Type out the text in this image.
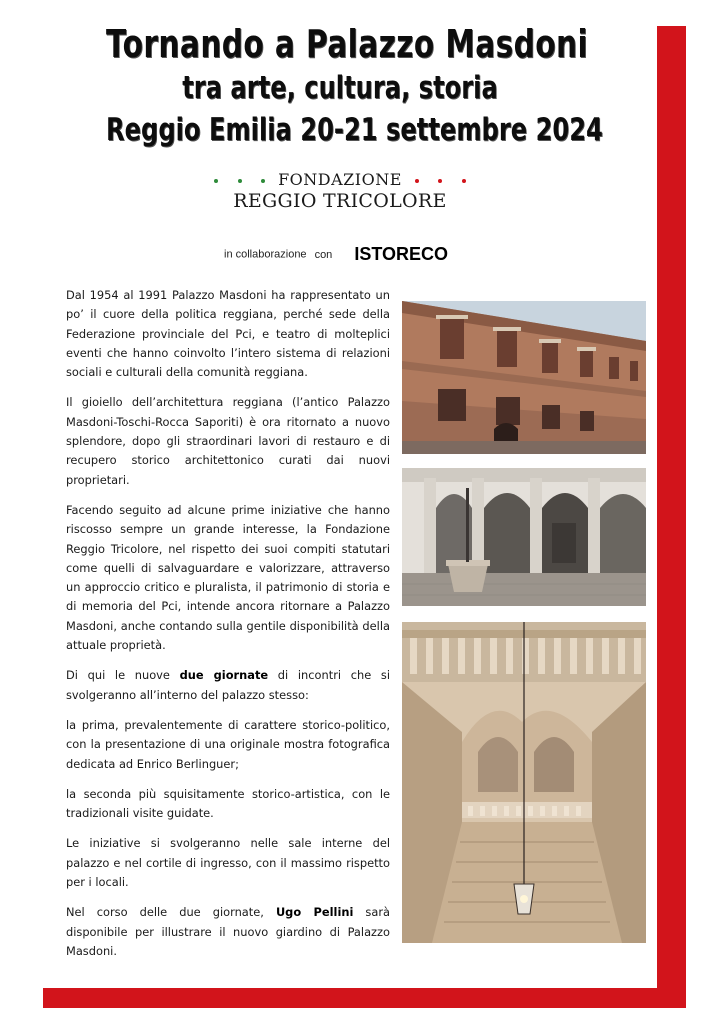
Tornando a Palazzo Masdoni
tra arte, cultura, storia
Reggio Emilia 20-21 settembre 2024
FONDAZIONE
REGGIO TRICOLORE
in collaborazione con ISTORECO

Dal 1954 al 1991 Palazzo Masdoni ha rappresentato un po’ il cuore della politica reggiana, perché sede della Federazione provinciale del Pci, e teatro di molteplici eventi che hanno coinvolto l’intero sistema di relazioni sociali e culturali della comunità reggiana.

Il gioiello dell’architettura reggiana (l’antico Palazzo Masdoni-Toschi-Rocca Saporiti) è ora ritornato a nuovo splendore, dopo gli straordinari lavori di restauro e di recupero storico architettonico curati dai nuovi proprietari.

Facendo seguito ad alcune prime iniziative che hanno riscosso sempre un grande interesse, la Fondazione Reggio Tricolore, nel rispetto dei suoi compiti statutari come quelli di salvaguardare e valorizzare, attraverso un approccio critico e pluralista, il patrimonio di storia e di memoria del Pci, intende ancora ritornare a Palazzo Masdoni, anche contando sulla gentile disponibilità della attuale proprietà.

Di qui le nuove due giornate di incontri che si svolgeranno all’interno del palazzo stesso:

la prima, prevalentemente di carattere storico-politico, con la presentazione di una originale mostra fotografica dedicata ad Enrico Berlinguer;

la seconda più squisitamente storico-artistica, con le tradizionali visite guidate.

Le iniziative si svolgeranno nelle sale interne del palazzo e nel cortile di ingresso, con il massimo rispetto per i locali.

Nel corso delle due giornate, Ugo Pellini sarà disponibile per illustrare il nuovo giardino di Palazzo Masdoni.
